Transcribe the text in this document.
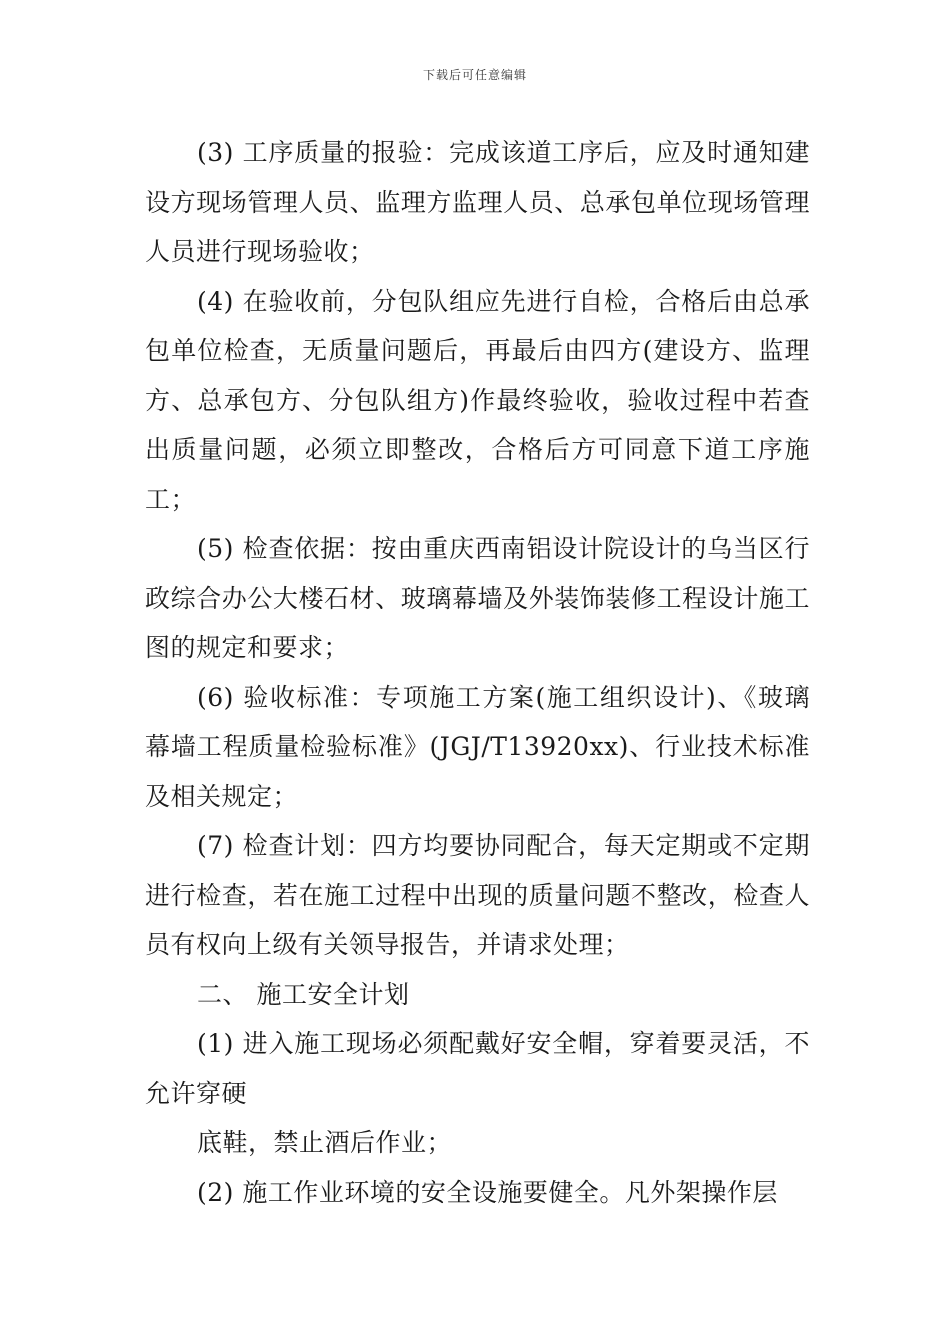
下载后可任意编辑

(3) 工序质量的报验：完成该道工序后，应及时通知建设方现场管理人员、监理方监理人员、总承包单位现场管理人员进行现场验收；

(4) 在验收前，分包队组应先进行自检，合格后由总承包单位检查，无质量问题后，再最后由四方(建设方、监理方、总承包方、分包队组方)作最终验收，验收过程中若查出质量问题，必须立即整改，合格后方可同意下道工序施工；

(5) 检查依据：按由重庆西南铝设计院设计的乌当区行政综合办公大楼石材、玻璃幕墙及外装饰装修工程设计施工图的规定和要求；

(6) 验收标准：专项施工方案(施工组织设计)、《玻璃幕墙工程质量检验标准》(JGJ/T13920xx)、行业技术标准及相关规定；

(7) 检查计划：四方均要协同配合，每天定期或不定期进行检查，若在施工过程中出现的质量问题不整改，检查人员有权向上级有关领导报告，并请求处理；

二、 施工安全计划

(1) 进入施工现场必须配戴好安全帽，穿着要灵活，不允许穿硬

底鞋，禁止酒后作业；

(2) 施工作业环境的安全设施要健全。凡外架操作层
